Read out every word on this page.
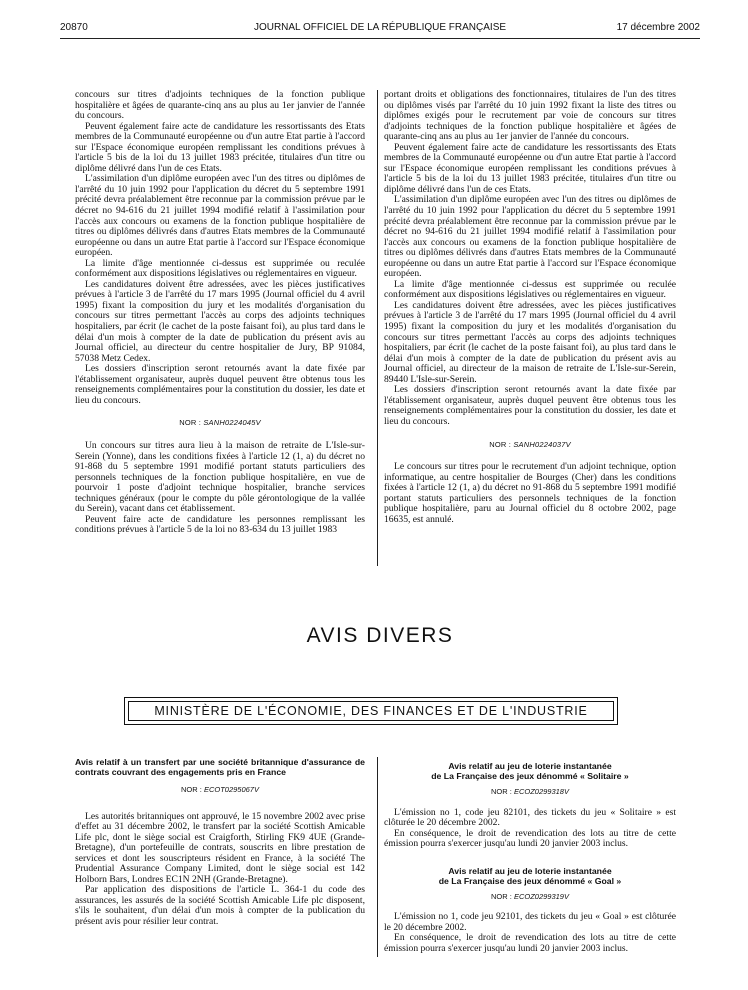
20870	JOURNAL OFFICIEL DE LA RÉPUBLIQUE FRANÇAISE	17 décembre 2002

concours sur titres d'adjoints techniques de la fonction publique hospitalière et âgées de quarante-cinq ans au plus au 1er janvier de l'année du concours.

Peuvent également faire acte de candidature les ressortissants des Etats membres de la Communauté européenne ou d'un autre Etat partie à l'accord sur l'Espace économique européen remplissant les conditions prévues à l'article 5 bis de la loi du 13 juillet 1983 précitée, titulaires d'un titre ou diplôme délivré dans l'un de ces Etats.

L'assimilation d'un diplôme européen avec l'un des titres ou diplômes de l'arrêté du 10 juin 1992 pour l'application du décret du 5 septembre 1991 précité devra préalablement être reconnue par la commission prévue par le décret no 94-616 du 21 juillet 1994 modifié relatif à l'assimilation pour l'accès aux concours ou examens de la fonction publique hospitalière de titres ou diplômes délivrés dans d'autres Etats membres de la Communauté européenne ou dans un autre Etat partie à l'accord sur l'Espace économique européen.

La limite d'âge mentionnée ci-dessus est supprimée ou reculée conformément aux dispositions législatives ou réglementaires en vigueur.

Les candidatures doivent être adressées, avec les pièces justificatives prévues à l'article 3 de l'arrêté du 17 mars 1995 (Journal officiel du 4 avril 1995) fixant la composition du jury et les modalités d'organisation du concours sur titres permettant l'accès au corps des adjoints techniques hospitaliers, par écrit (le cachet de la poste faisant foi), au plus tard dans le délai d'un mois à compter de la date de publication du présent avis au Journal officiel, au directeur du centre hospitalier de Jury, BP 91084, 57038 Metz Cedex.

Les dossiers d'inscription seront retournés avant la date fixée par l'établissement organisateur, auprès duquel peuvent être obtenus tous les renseignements complémentaires pour la constitution du dossier, les date et lieu du concours.

NOR : SANH0224045V

Un concours sur titres aura lieu à la maison de retraite de L'Isle-sur-Serein (Yonne), dans les conditions fixées à l'article 12 (1, a) du décret no 91-868 du 5 septembre 1991 modifié portant statuts particuliers des personnels techniques de la fonction publique hospitalière, en vue de pourvoir 1 poste d'adjoint technique hospitalier, branche services techniques généraux (pour le compte du pôle gérontologique de la vallée du Serein), vacant dans cet établissement.

Peuvent faire acte de candidature les personnes remplissant les conditions prévues à l'article 5 de la loi no 83-634 du 13 juillet 1983

portant droits et obligations des fonctionnaires, titulaires de l'un des titres ou diplômes visés par l'arrêté du 10 juin 1992 fixant la liste des titres ou diplômes exigés pour le recrutement par voie de concours sur titres d'adjoints techniques de la fonction publique hospitalière et âgées de quarante-cinq ans au plus au 1er janvier de l'année du concours.

Peuvent également faire acte de candidature les ressortissants des Etats membres de la Communauté européenne ou d'un autre Etat partie à l'accord sur l'Espace économique européen remplissant les conditions prévues à l'article 5 bis de la loi du 13 juillet 1983 précitée, titulaires d'un titre ou diplôme délivré dans l'un de ces Etats.

L'assimilation d'un diplôme européen avec l'un des titres ou diplômes de l'arrêté du 10 juin 1992 pour l'application du décret du 5 septembre 1991 précité devra préalablement être reconnue par la commission prévue par le décret no 94-616 du 21 juillet 1994 modifié relatif à l'assimilation pour l'accès aux concours ou examens de la fonction publique hospitalière de titres ou diplômes délivrés dans d'autres Etats membres de la Communauté européenne ou dans un autre Etat partie à l'accord sur l'Espace économique européen.

La limite d'âge mentionnée ci-dessus est supprimée ou reculée conformément aux dispositions législatives ou réglementaires en vigueur.

Les candidatures doivent être adressées, avec les pièces justificatives prévues à l'article 3 de l'arrêté du 17 mars 1995 (Journal officiel du 4 avril 1995) fixant la composition du jury et les modalités d'organisation du concours sur titres permettant l'accès au corps des adjoints techniques hospitaliers, par écrit (le cachet de la poste faisant foi), au plus tard dans le délai d'un mois à compter de la date de publication du présent avis au Journal officiel, au directeur de la maison de retraite de L'Isle-sur-Serein, 89440 L'Isle-sur-Serein.

Les dossiers d'inscription seront retournés avant la date fixée par l'établissement organisateur, auprès duquel peuvent être obtenus tous les renseignements complémentaires pour la constitution du dossier, les date et lieu du concours.

NOR : SANH0224037V

Le concours sur titres pour le recrutement d'un adjoint technique, option informatique, au centre hospitalier de Bourges (Cher) dans les conditions fixées à l'article 12 (1, a) du décret no 91-868 du 5 septembre 1991 modifié portant statuts particuliers des personnels techniques de la fonction publique hospitalière, paru au Journal officiel du 8 octobre 2002, page 16635, est annulé.

AVIS DIVERS
MINISTÈRE DE L'ÉCONOMIE, DES FINANCES ET DE L'INDUSTRIE
Avis relatif à un transfert par une société britannique d'assurance de contrats couvrant des engagements pris en France
NOR : ECOT0295067V

Les autorités britanniques ont approuvé, le 15 novembre 2002 avec prise d'effet au 31 décembre 2002, le transfert par la société Scottish Amicable Life plc, dont le siège social est Craigforth, Stirling FK9 4UE (Grande-Bretagne), d'un portefeuille de contrats, souscrits en libre prestation de services et dont les souscripteurs résident en France, à la société The Prudential Assurance Company Limited, dont le siège social est 142 Holborn Bars, Londres EC1N 2NH (Grande-Bretagne).

Par application des dispositions de l'article L. 364-1 du code des assurances, les assurés de la société Scottish Amicable Life plc disposent, s'ils le souhaitent, d'un délai d'un mois à compter de la publication du présent avis pour résilier leur contrat.

Avis relatif au jeu de loterie instantanée
de La Française des jeux dénommé « Solitaire »
NOR : ECOZ0299318V

L'émission no 1, code jeu 82101, des tickets du jeu « Solitaire » est clôturée le 20 décembre 2002.

En conséquence, le droit de revendication des lots au titre de cette émission pourra s'exercer jusqu'au lundi 20 janvier 2003 inclus.

Avis relatif au jeu de loterie instantanée
de La Française des jeux dénommé « Goal »
NOR : ECOZ0299319V

L'émission no 1, code jeu 92101, des tickets du jeu « Goal » est clôturée le 20 décembre 2002.

En conséquence, le droit de revendication des lots au titre de cette émission pourra s'exercer jusqu'au lundi 20 janvier 2003 inclus.
